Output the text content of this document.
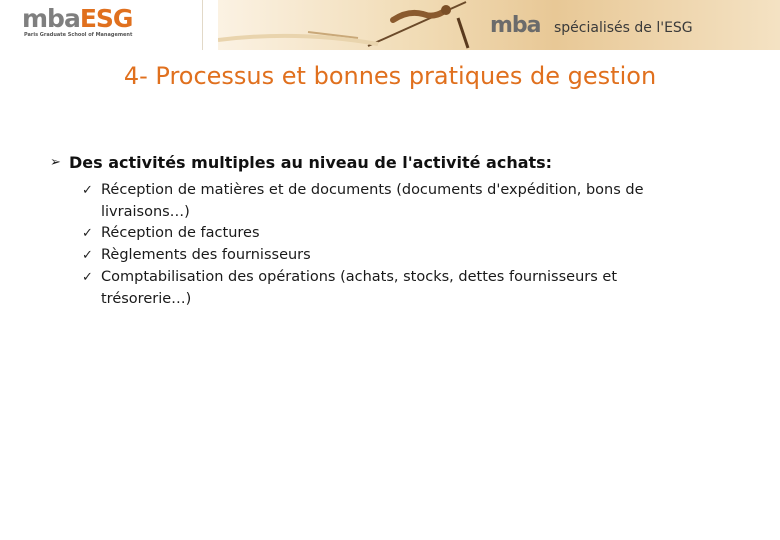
mbaESG
Paris Graduate School of Management	mba spécialisés de l'ESG
4- Processus et bonnes pratiques de gestion
➢ Des activités multiples au niveau de l'activité achats:
✓ Réception de matières et de documents (documents d'expédition, bons de livraisons…)
✓ Réception de factures
✓ Règlements des fournisseurs
✓ Comptabilisation des opérations (achats, stocks, dettes fournisseurs et trésorerie…)
